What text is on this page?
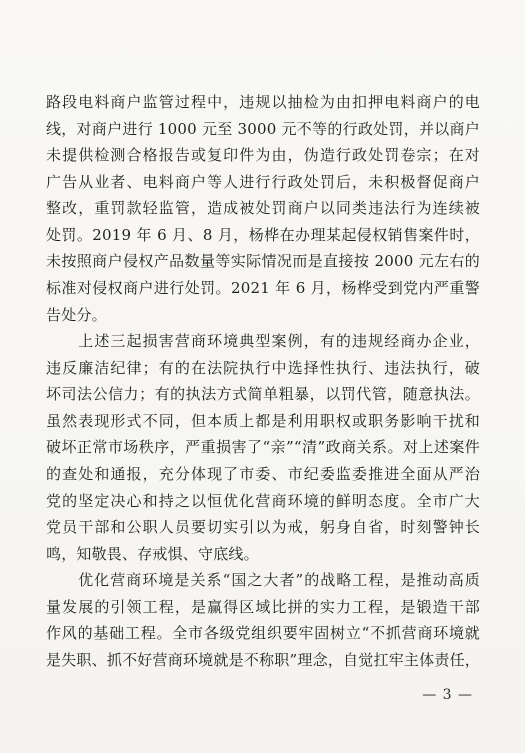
路段电料商户监管过程中，违规以抽检为由扣押电料商户的电
线，对商户进行 1000 元至 3000 元不等的行政处罚，并以商户
未提供检测合格报告或复印件为由，伪造行政处罚卷宗；在对
广告从业者、电料商户等人进行行政处罚后，未积极督促商户
整改，重罚款轻监管，造成被处罚商户以同类违法行为连续被
处罚。2019 年 6 月、8 月，杨桦在办理某起侵权销售案件时，
未按照商户侵权产品数量等实际情况而是直接按 2000 元左右的
标准对侵权商户进行处罚。2021 年 6 月，杨桦受到党内严重警
告处分。
　　上述三起损害营商环境典型案例，有的违规经商办企业，
违反廉洁纪律；有的在法院执行中选择性执行、违法执行，破
坏司法公信力；有的执法方式简单粗暴，以罚代管，随意执法。
虽然表现形式不同，但本质上都是利用职权或职务影响干扰和
破坏正常市场秩序，严重损害了“亲”“清”政商关系。对上述案件
的查处和通报，充分体现了市委、市纪委监委推进全面从严治
党的坚定决心和持之以恒优化营商环境的鲜明态度。全市广大
党员干部和公职人员要切实引以为戒，躬身自省，时刻警钟长
鸣，知敬畏、存戒惧、守底线。
　　优化营商环境是关系“国之大者”的战略工程，是推动高质
量发展的引领工程，是赢得区域比拼的实力工程，是锻造干部
作风的基础工程。全市各级党组织要牢固树立“不抓营商环境就
是失职、抓不好营商环境就是不称职”理念，自觉扛牢主体责任，
— 3 —
